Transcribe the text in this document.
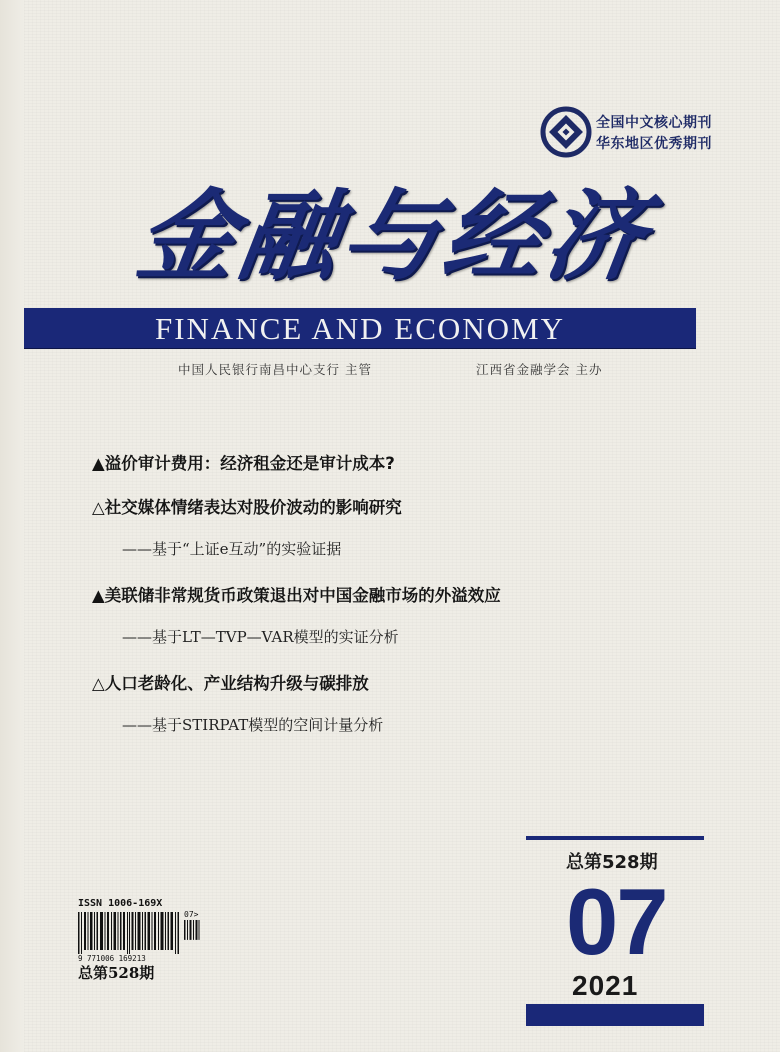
全国中文核心期刊
华东地区优秀期刊
金融与经济
FINANCE AND ECONOMY
中国人民银行南昌中心支行 主管	江西省金融学会 主办
▲溢价审计费用：经济租金还是审计成本?
△社交媒体情绪表达对股价波动的影响研究
——基于“上证e互动”的实验证据
▲美联储非常规货币政策退出对中国金融市场的外溢效应
——基于LT—TVP—VAR模型的实证分析
△人口老龄化、产业结构升级与碳排放
——基于STIRPAT模型的空间计量分析
总第528期
07
2021
ISSN 1006-169X
07>
9 771006 169213
总第528期
